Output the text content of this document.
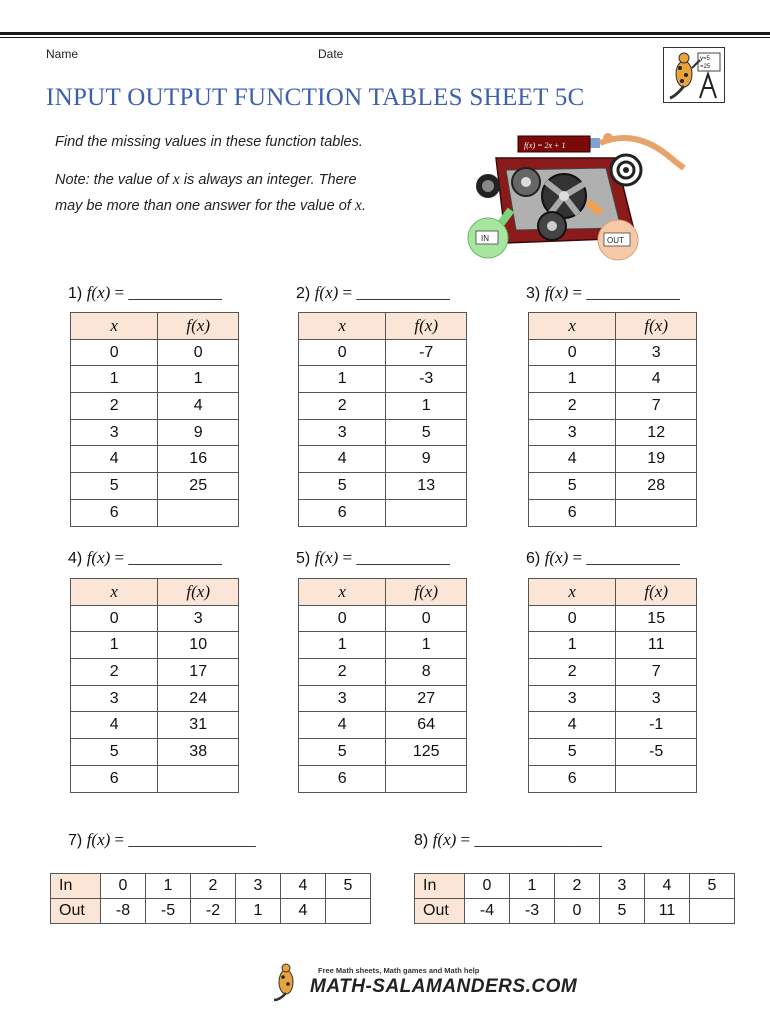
Name	Date	y=5
=25
INPUT OUTPUT FUNCTION TABLES SHEET 5C
Find the missing values in these function tables.
Note: the value of x is always an integer. There
may be more than one answer for the value of x.
f(x) = 2x + 1
IN	OUT
1) f(x) = ___________
x	f(x)
0	0
1	1
2	4
3	9
4	16
5	25
6	
2) f(x) = ___________
x	f(x)
0	-7
1	-3
2	1
3	5
4	9
5	13
6	
3) f(x) = ___________
x	f(x)
0	3
1	4
2	7
3	12
4	19
5	28
6	
4) f(x) = ___________
x	f(x)
0	3
1	10
2	17
3	24
4	31
5	38
6	
5) f(x) = ___________
x	f(x)
0	0
1	1
2	8
3	27
4	64
5	125
6	
6) f(x) = ___________
x	f(x)
0	15
1	11
2	7
3	3
4	-1
5	-5
6	
7) f(x) = _______________
In	0	1	2	3	4	5
Out	-8	-5	-2	1	4	
8) f(x) = _______________
In	0	1	2	3	4	5
Out	-4	-3	0	5	11	
Free Math sheets, Math games and Math help
MATH-SALAMANDERS.COM
